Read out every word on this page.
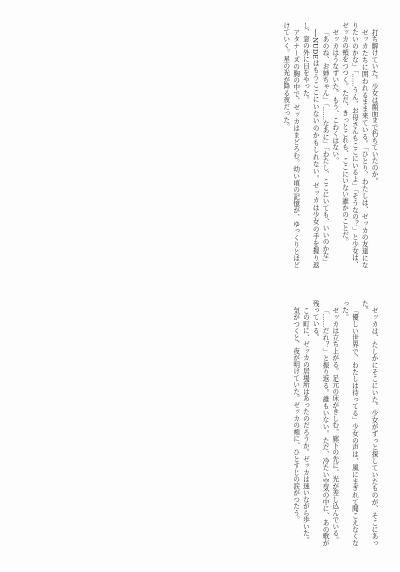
打ち解けていた。少女は顔面まで朽ちていたのか。

ゼッカたちに囲われるまま来ている。「ひとり、わたしは、ゼッカの友達になりたいのかな」「……うん、お母さんもここにいるよ」「そうなの？」と少女は、ゼッカの頬をつつく。ただ、きっとこれも、ここにいない誰かのことだ。

ゼッカはうなずいた。もう、こわくはない。

「あのね、お姉ちゃん」「……なあに」「わたし、ここにいても、いいのかな」

──NUDEはもうここにいないのかもしれない。ゼッカは少女の手を握り返し、窓の外に目をやった。

アタナーズの胸の中で、ゼッカはまどろむ。幼い頃の記憶が、ゆっくりとほどけていく。星の光が降る夜だった。

ゼッカは、たしかにそこにいた。少女がずっと探していたものが、そこにあった。

「優しい世界で、わたしは待ってる」少女の声は、風にまぎれて聞こえなくなった。

ゼッカは立ち上がる。足元の床がきしむ。廊下の先に、光が差し込んでいる。

「……だれ？」と振り返る。誰もいない。ただ、冷たい空気の中に、あの歌が残っている。

この町に、ゼッカの居場所はあったのだろうか。ゼッカは迷いながら歩いた。

気がつくと、夜が明けていた。ゼッカの頬に、ひとすじの涙がつたう。
